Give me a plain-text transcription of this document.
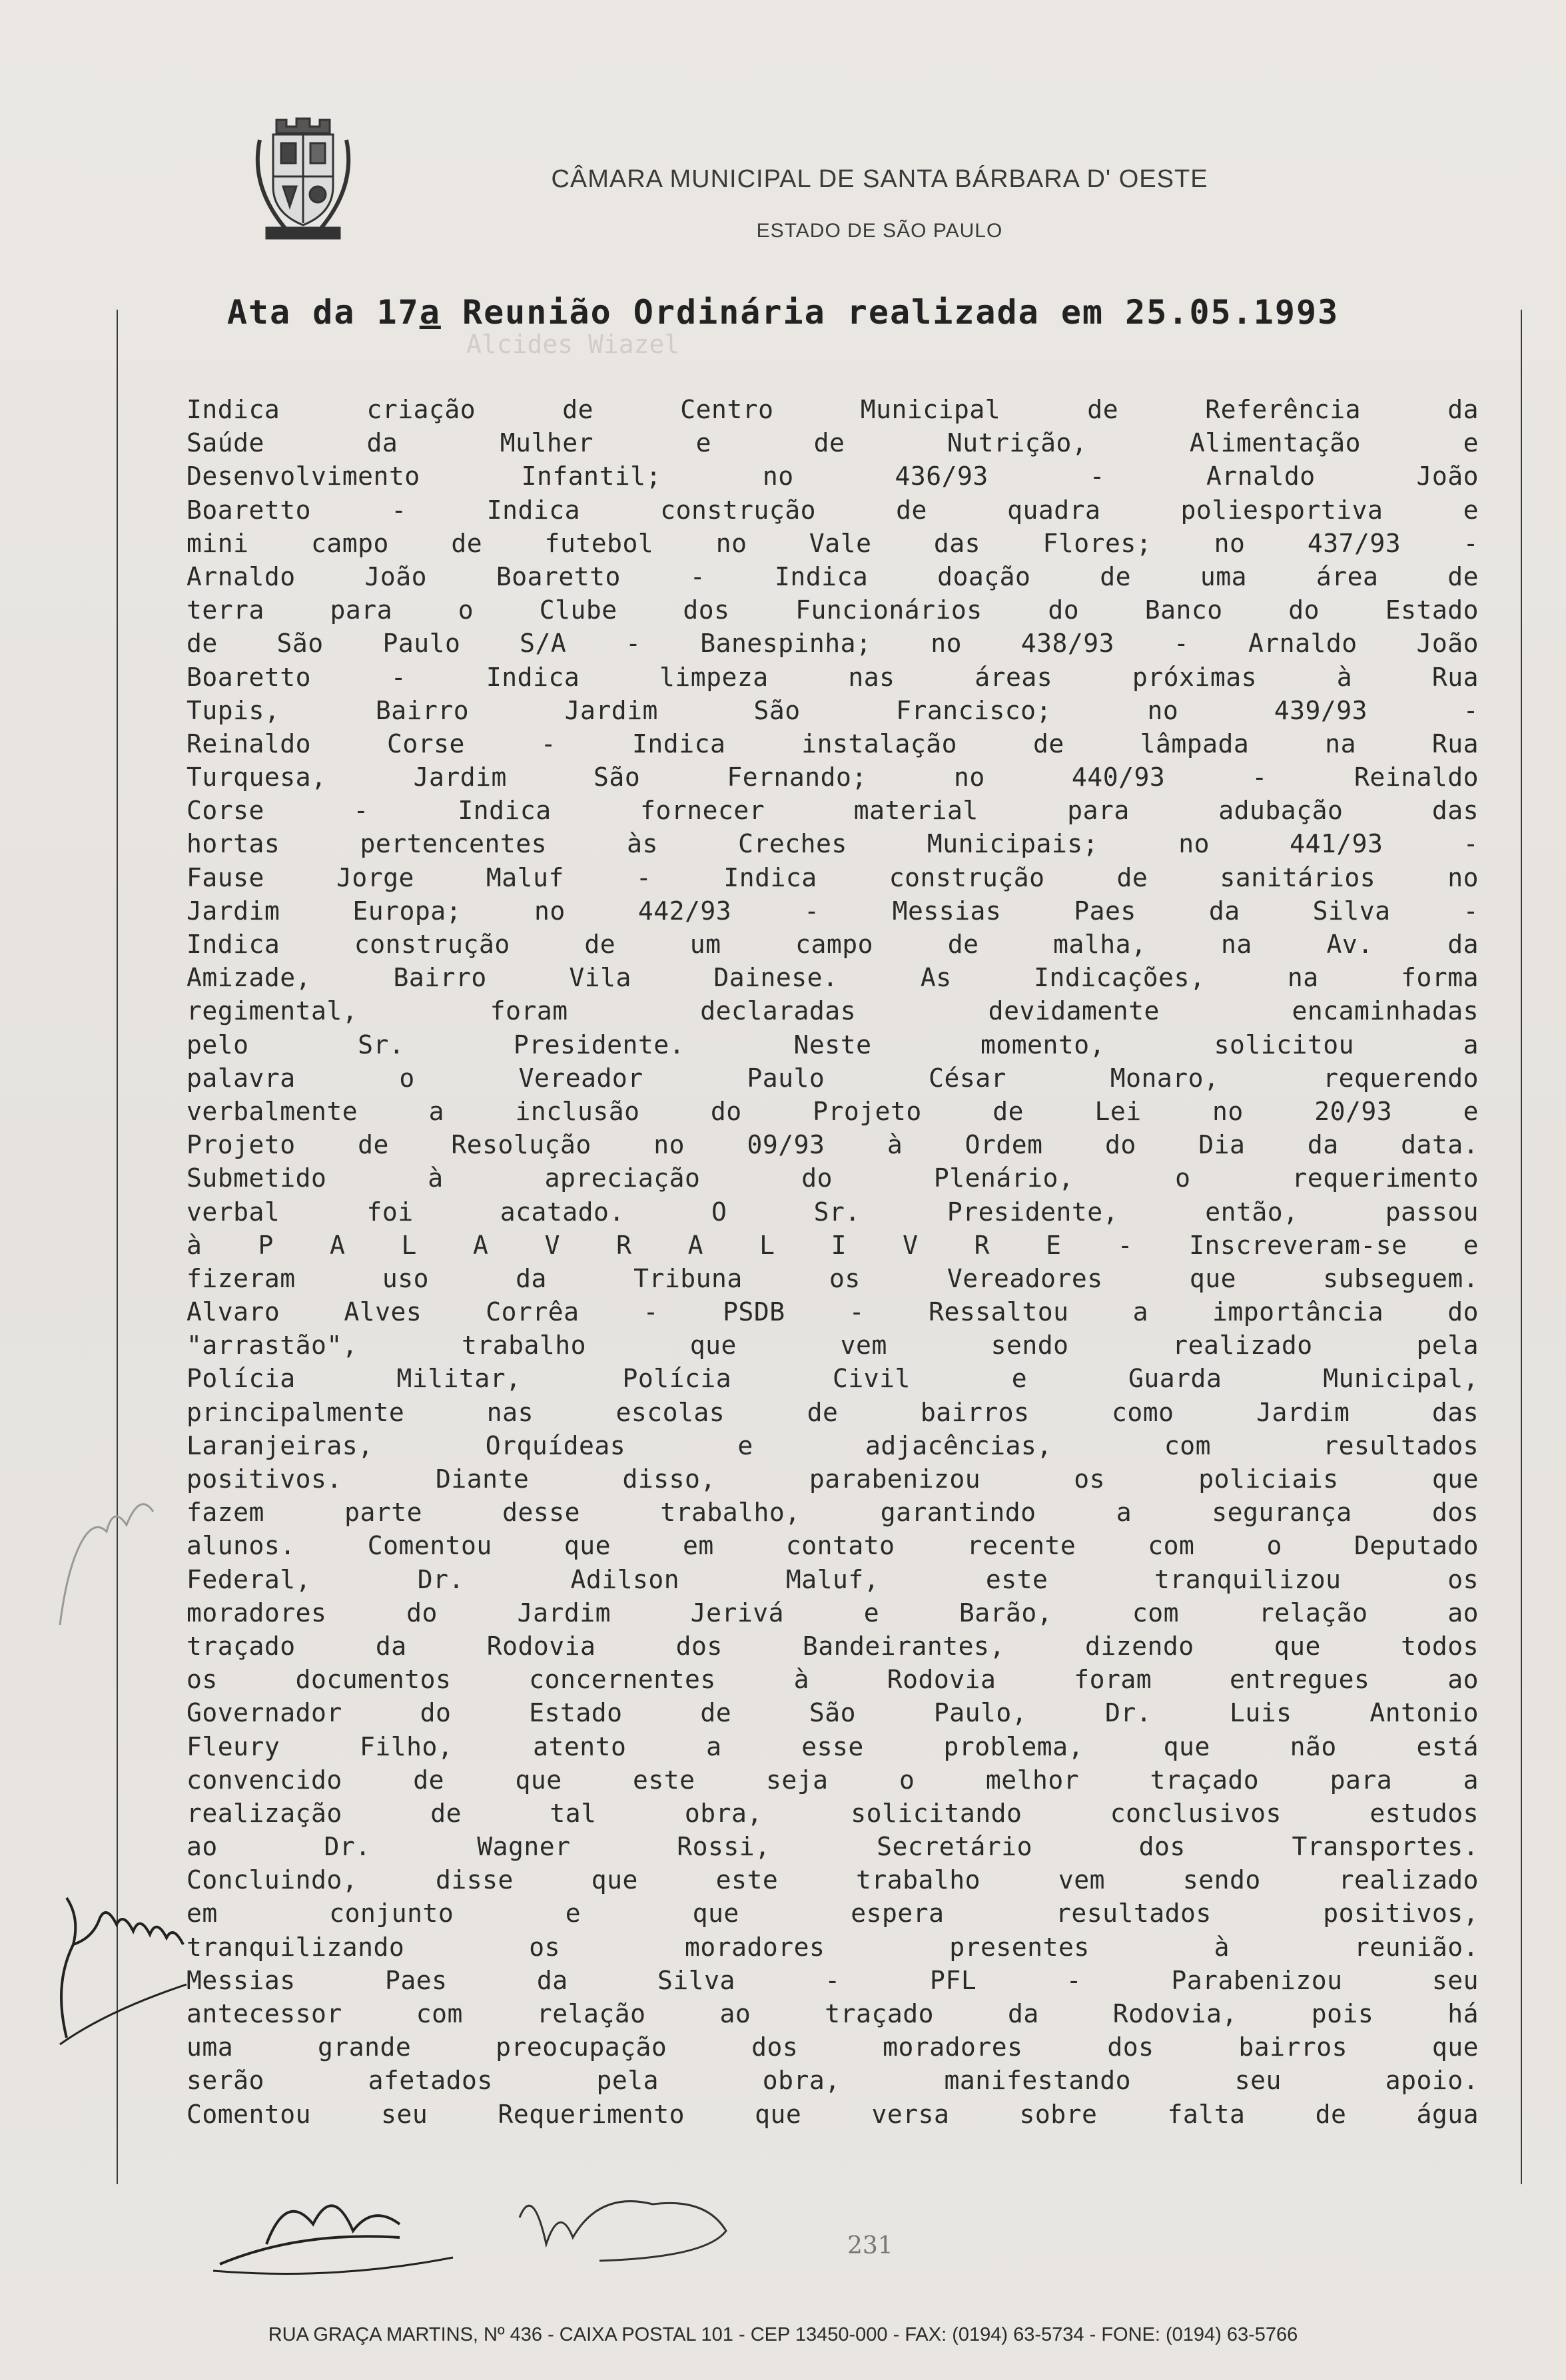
CÂMARA MUNICIPAL DE SANTA BÁRBARA D' OESTE
ESTADO DE SÃO PAULO
Ata da 17a Reunião Ordinária realizada em 25.05.1993
Alcides Wiazel
Indica criação de Centro Municipal de Referência da
Saúde da Mulher e de Nutrição, Alimentação e
Desenvolvimento Infantil; no 436/93 - Arnaldo João
Boaretto - Indica construção de quadra poliesportiva e
mini campo de futebol no Vale das Flores; no 437/93 -
Arnaldo João Boaretto - Indica doação de uma área de
terra para o Clube dos Funcionários do Banco do Estado
de São Paulo S/A - Banespinha; no 438/93 - Arnaldo João
Boaretto - Indica limpeza nas áreas próximas à Rua
Tupis, Bairro Jardim São Francisco; no 439/93 -
Reinaldo Corse - Indica instalação de lâmpada na Rua
Turquesa, Jardim São Fernando; no 440/93 - Reinaldo
Corse - Indica fornecer material para adubação das
hortas pertencentes às Creches Municipais; no 441/93 -
Fause Jorge Maluf - Indica construção de sanitários no
Jardim Europa; no 442/93 - Messias Paes da Silva -
Indica construção de um campo de malha, na Av. da
Amizade, Bairro Vila Dainese. As Indicações, na forma
regimental, foram declaradas devidamente encaminhadas
pelo Sr. Presidente. Neste momento, solicitou a
palavra o Vereador Paulo César Monaro, requerendo
verbalmente a inclusão do Projeto de Lei no 20/93 e
Projeto de Resolução no 09/93 à Ordem do Dia da data.
Submetido à apreciação do Plenário, o requerimento
verbal foi acatado. O Sr. Presidente, então, passou
à P A L A V R A L I V R E - Inscreveram-se e
fizeram uso da Tribuna os Vereadores que subseguem.
Alvaro Alves Corrêa - PSDB - Ressaltou a importância do
"arrastão", trabalho que vem sendo realizado pela
Polícia Militar, Polícia Civil e Guarda Municipal,
principalmente nas escolas de bairros como Jardim das
Laranjeiras, Orquídeas e adjacências, com resultados
positivos. Diante disso, parabenizou os policiais que
fazem parte desse trabalho, garantindo a segurança dos
alunos. Comentou que em contato recente com o Deputado
Federal, Dr. Adilson Maluf, este tranquilizou os
moradores do Jardim Jerivá e Barão, com relação ao
traçado da Rodovia dos Bandeirantes, dizendo que todos
os documentos concernentes à Rodovia foram entregues ao
Governador do Estado de São Paulo, Dr. Luis Antonio
Fleury Filho, atento a esse problema, que não está
convencido de que este seja o melhor traçado para a
realização de tal obra, solicitando conclusivos estudos
ao Dr. Wagner Rossi, Secretário dos Transportes.
Concluindo, disse que este trabalho vem sendo realizado
em conjunto e que espera resultados positivos,
tranquilizando os moradores presentes à reunião.
Messias Paes da Silva - PFL - Parabenizou seu
antecessor com relação ao traçado da Rodovia, pois há
uma grande preocupação dos moradores dos bairros que
serão afetados pela obra, manifestando seu apoio.
Comentou seu Requerimento que versa sobre falta de água
231
RUA GRAÇA MARTINS, Nº 436 - CAIXA POSTAL 101 - CEP 13450-000 - FAX: (0194) 63-5734 - FONE: (0194) 63-5766
